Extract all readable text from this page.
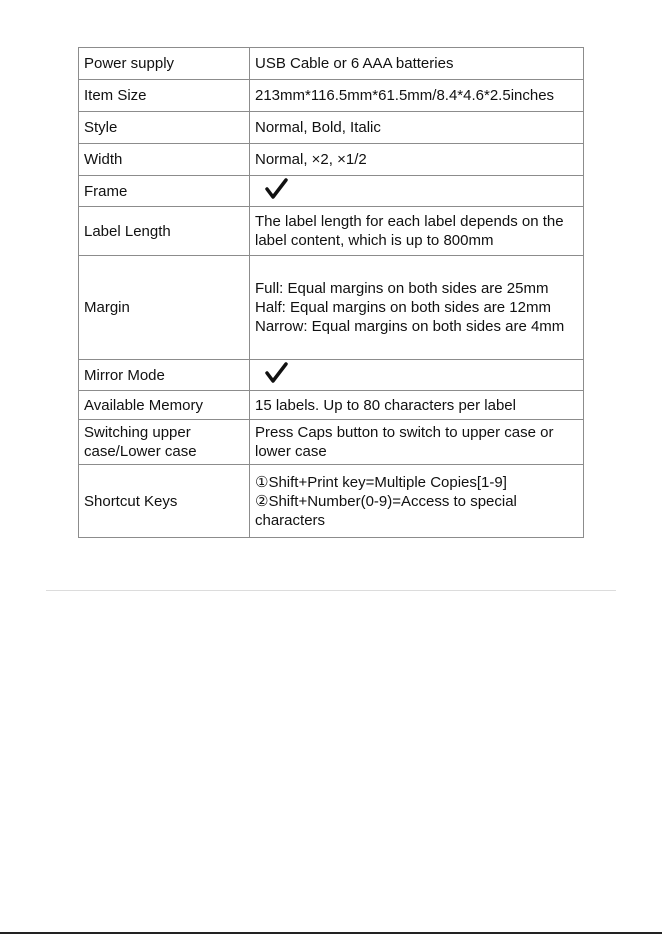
Power supply	USB Cable or 6 AAA batteries
Item Size	213mm*116.5mm*61.5mm/8.4*4.6*2.5inches
Style	Normal, Bold, Italic
Width	Normal, ×2, ×1/2
Frame	

Label Length	The label length for each label depends on the label content, which is up to 800mm
Margin	Full: Equal margins on both sides are 25mm
Half: Equal margins on both sides are 12mm
Narrow: Equal margins on both sides are 4mm

Mirror Mode	

Available Memory	15 labels. Up to 80 characters per label
Switching upper case/Lower case	Press Caps button to switch to upper case or lower case
Shortcut Keys	①Shift+Print key=Multiple Copies[1-9]
②Shift+Number(0-9)=Access to special characters
